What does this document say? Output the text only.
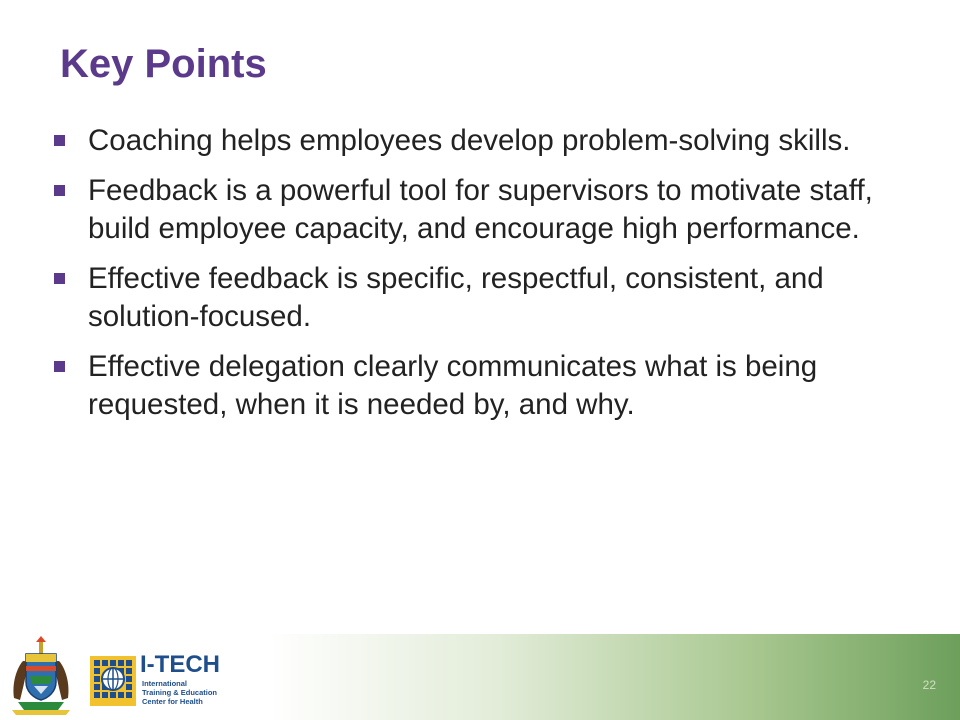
Key Points
Coaching helps employees develop problem-solving skills.
Feedback is a powerful tool for supervisors to motivate staff, build employee capacity, and encourage high performance.
Effective feedback is specific, respectful, consistent, and solution-focused.
Effective delegation clearly communicates what is being requested, when it is needed by, and why.
I-TECH
International
Training & Education
Center for Health
22
